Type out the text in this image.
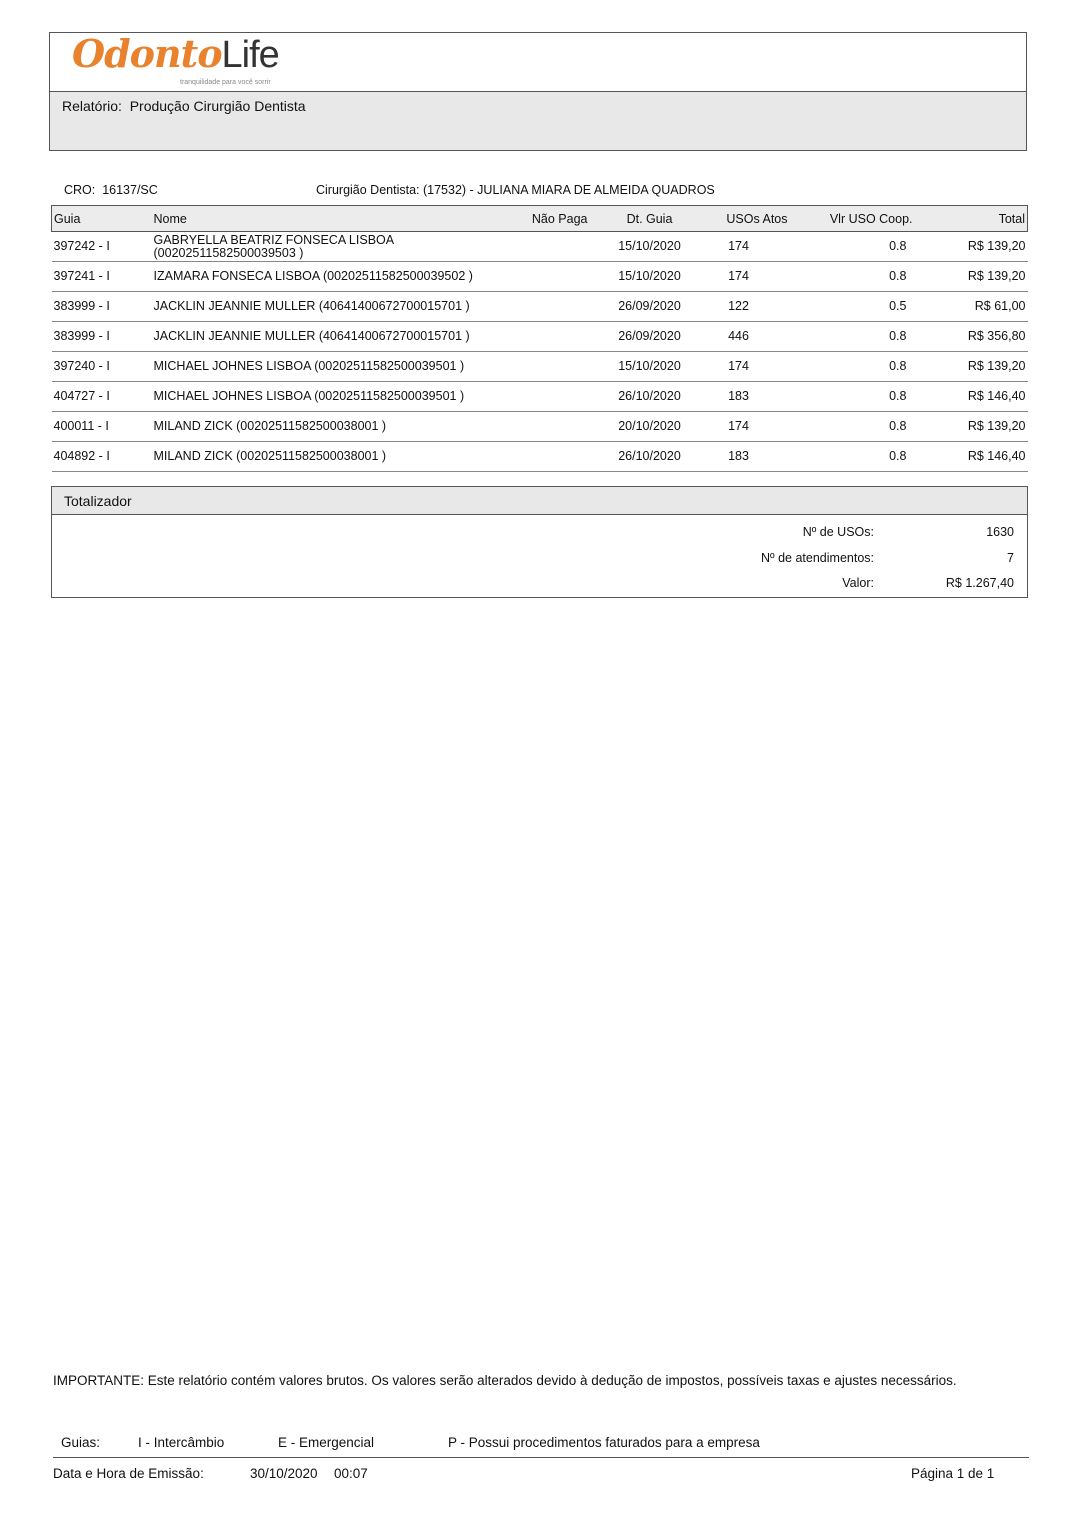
OdontoLife
tranquilidade para você sorrir
Relatório: Produção Cirurgião Dentista
CRO: 16137/SC	Cirurgião Dentista: (17532) - JULIANA MIARA DE ALMEIDA QUADROS
Guia	Nome	Não Paga	Dt. Guia	USOs Atos	Vlr USO Coop.	Total
397242 - I	GABRYELLA BEATRIZ FONSECA LISBOA (00202511582500039503 )		15/10/2020	174	0.8	R$ 139,20
397241 - I	IZAMARA FONSECA LISBOA (00202511582500039502 )		15/10/2020	174	0.8	R$ 139,20
383999 - I	JACKLIN JEANNIE MULLER (40641400672700015701 )		26/09/2020	122	0.5	R$ 61,00
383999 - I	JACKLIN JEANNIE MULLER (40641400672700015701 )		26/09/2020	446	0.8	R$ 356,80
397240 - I	MICHAEL JOHNES LISBOA (00202511582500039501 )		15/10/2020	174	0.8	R$ 139,20
404727 - I	MICHAEL JOHNES LISBOA (00202511582500039501 )		26/10/2020	183	0.8	R$ 146,40
400011 - I	MILAND ZICK (00202511582500038001 )		20/10/2020	174	0.8	R$ 139,20
404892 - I	MILAND ZICK (00202511582500038001 )		26/10/2020	183	0.8	R$ 146,40
Totalizador
Nº de USOs:	1630
Nº de atendimentos:	7
Valor:	R$ 1.267,40
IMPORTANTE: Este relatório contém valores brutos. Os valores serão alterados devido à dedução de impostos, possíveis taxas e ajustes necessários.
Guias:	I - Intercâmbio	E - Emergencial	P - Possui procedimentos faturados para a empresa
Data e Hora de Emissão:	30/10/2020 00:07	Página 1 de 1
